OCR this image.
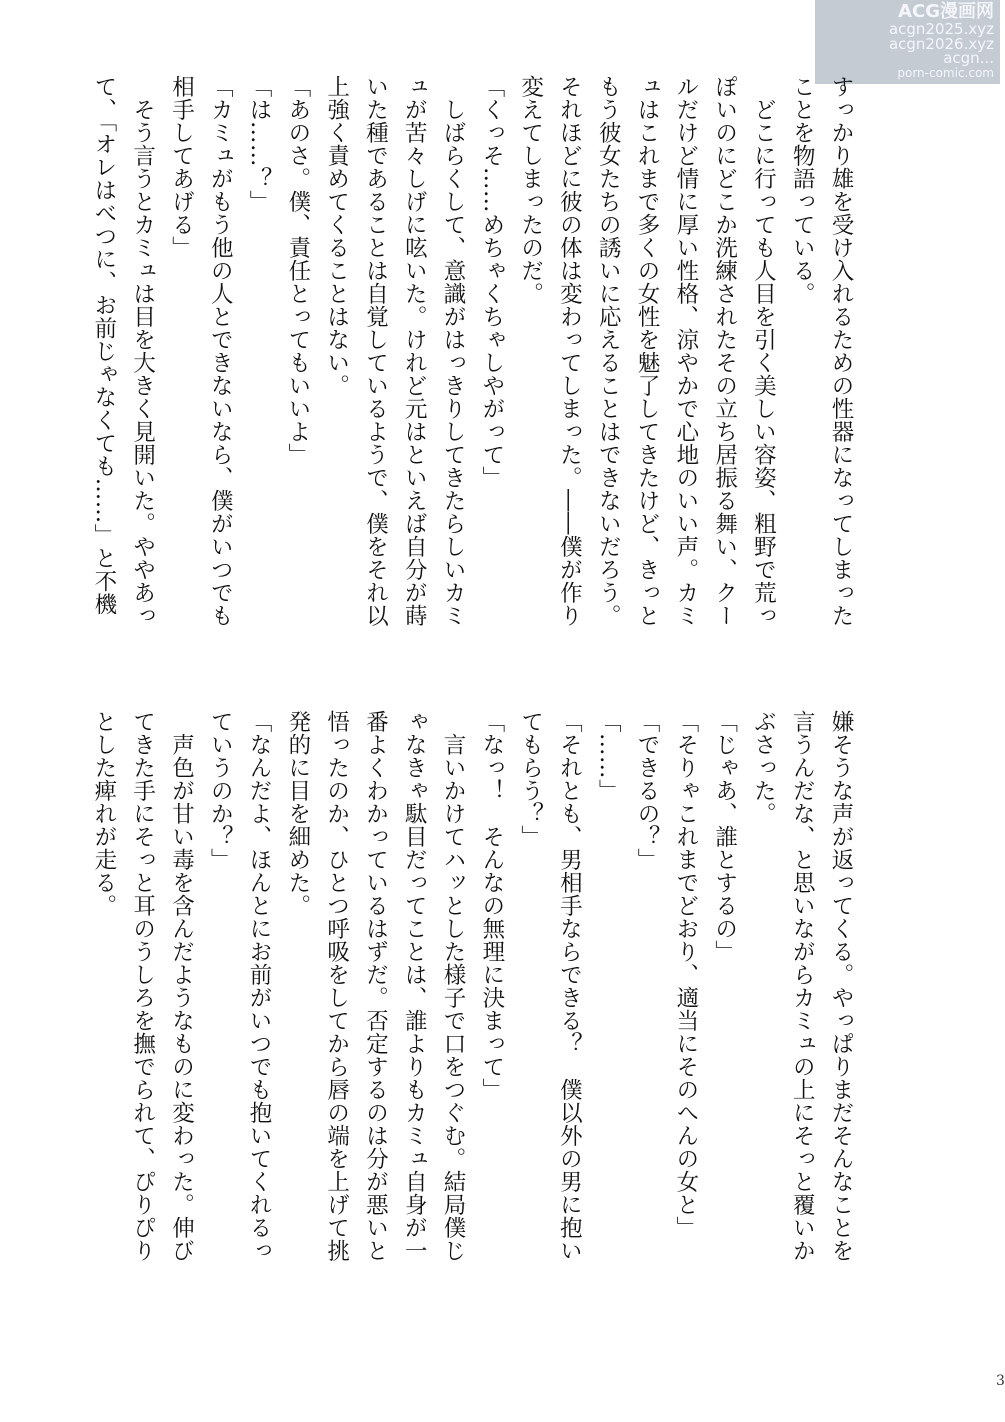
ACG漫画网
acgn2025.xyz
acgn2026.xyz
acgn...
porn-comic.com
すっかり雄を受け入れるための性器になってしまった
ことを物語っている。
　どこに行っても人目を引く美しい容姿、粗野で荒っ
ぽいのにどこか洗練されたその立ち居振る舞い、クー
ルだけど情に厚い性格、涼やかで心地のいい声。カミ
ュはこれまで多くの女性を魅了してきたけど、きっと
もう彼女たちの誘いに応えることはできないだろう。
それほどに彼の体は変わってしまった。――僕が作り
変えてしまったのだ。
「くっそ……めちゃくちゃしやがって」
　しばらくして、意識がはっきりしてきたらしいカミ
ュが苦々しげに呟いた。けれど元はといえば自分が蒔
いた種であることは自覚しているようで、僕をそれ以
上強く責めてくることはない。
「あのさ。僕、責任とってもいいよ」
「は……？」
「カミュがもう他の人とできないなら、僕がいつでも
相手してあげる」
　そう言うとカミュは目を大きく見開いた。ややあっ
て、「オレはべつに、お前じゃなくても……」と不機
嫌そうな声が返ってくる。やっぱりまだそんなことを
言うんだな、と思いながらカミュの上にそっと覆いか
ぶさった。
「じゃあ、誰とするの」
「そりゃこれまでどおり、適当にそのへんの女と」
「できるの？」
「……」
「それとも、男相手ならできる？　僕以外の男に抱い
てもらう？」
「なっ！　そんなの無理に決まって」
　言いかけてハッとした様子で口をつぐむ。結局僕じ
ゃなきゃ駄目だってことは、誰よりもカミュ自身が一
番よくわかっているはずだ。否定するのは分が悪いと
悟ったのか、ひとつ呼吸をしてから唇の端を上げて挑
発的に目を細めた。
「なんだよ、ほんとにお前がいつでも抱いてくれるっ
ていうのか？」
　声色が甘い毒を含んだようなものに変わった。伸び
てきた手にそっと耳のうしろを撫でられて、ぴりぴり
とした痺れが走る。
3
